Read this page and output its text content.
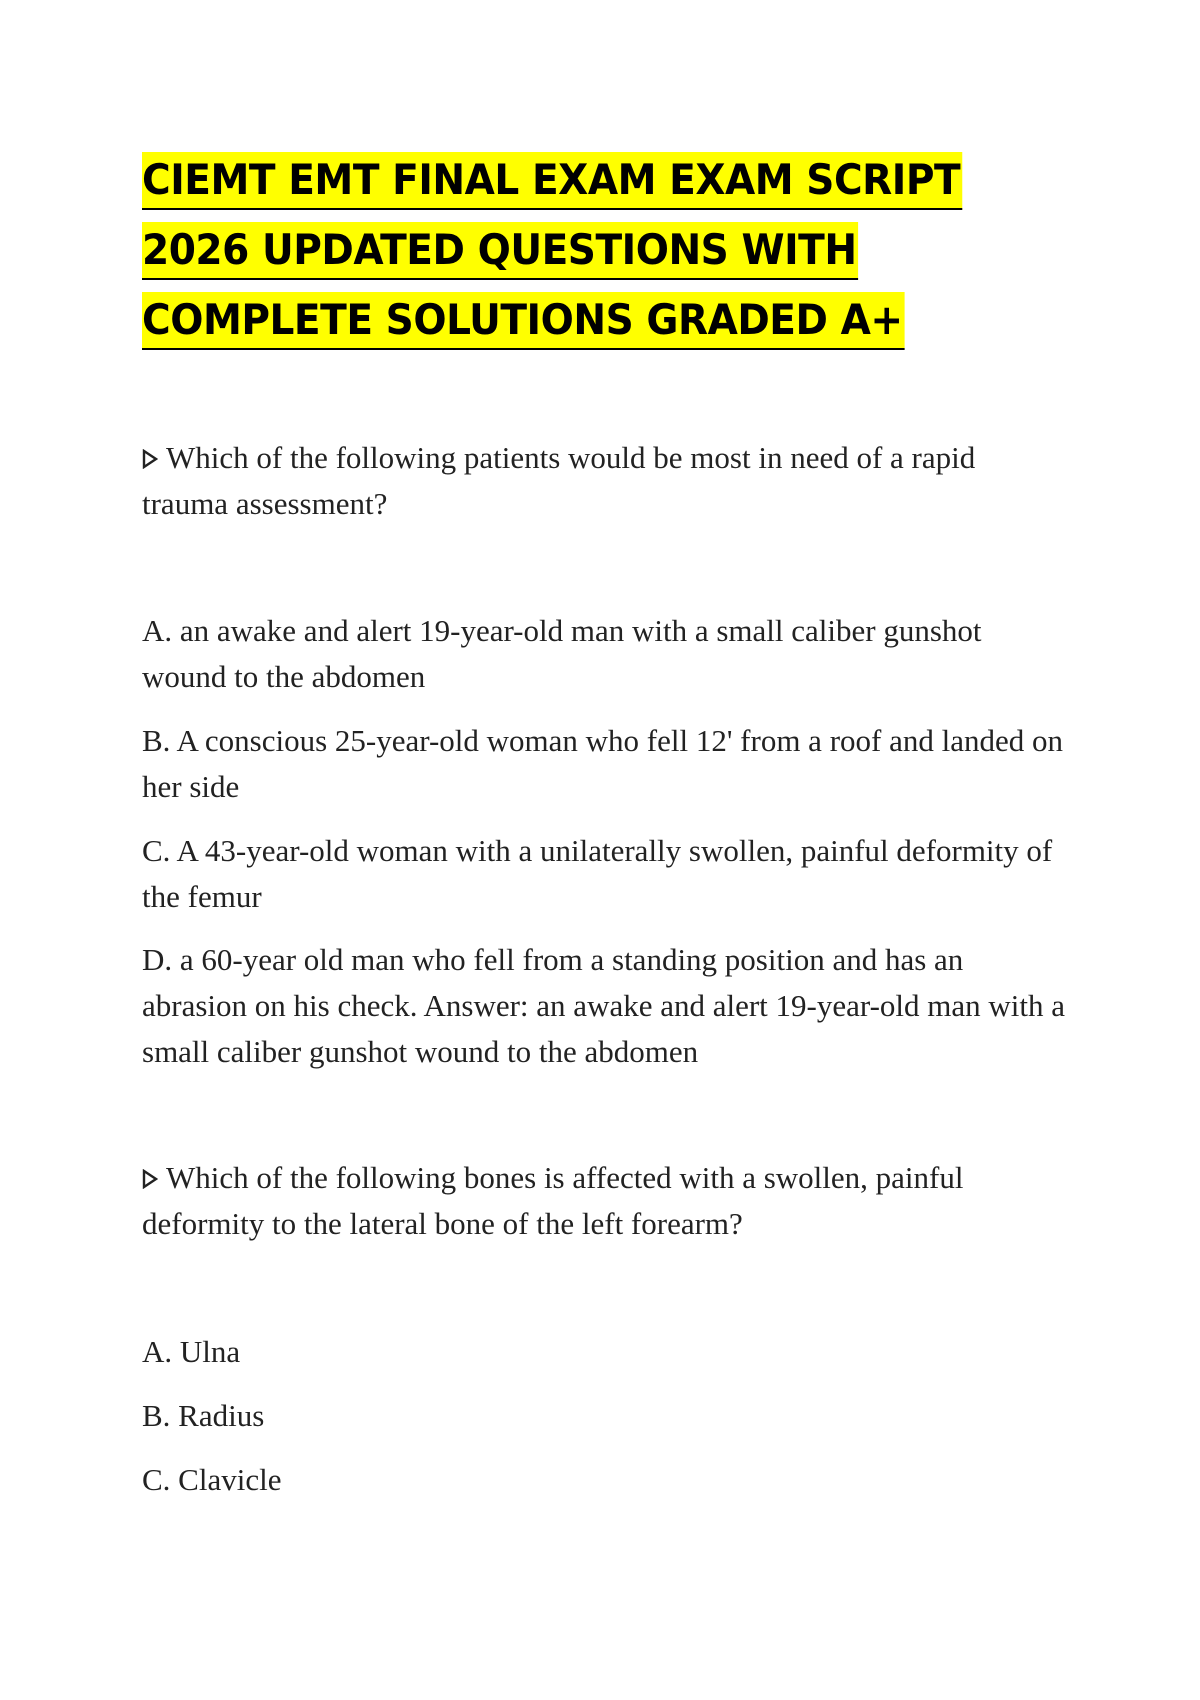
CIEMT EMT FINAL EXAM EXAM SCRIPT
2026 UPDATED QUESTIONS WITH
COMPLETE SOLUTIONS GRADED A+
Which of the following patients would be most in need of a rapid trauma assessment?
A. an awake and alert 19-year-old man with a small caliber gunshot wound to the abdomen
B. A conscious 25-year-old woman who fell 12' from a roof and landed on her side
C. A 43-year-old woman with a unilaterally swollen, painful deformity of the femur
D. a 60-year old man who fell from a standing position and has an abrasion on his check. Answer: an awake and alert 19-year-old man with a small caliber gunshot wound to the abdomen
Which of the following bones is affected with a swollen, painful deformity to the lateral bone of the left forearm?
A. Ulna
B. Radius
C. Clavicle
